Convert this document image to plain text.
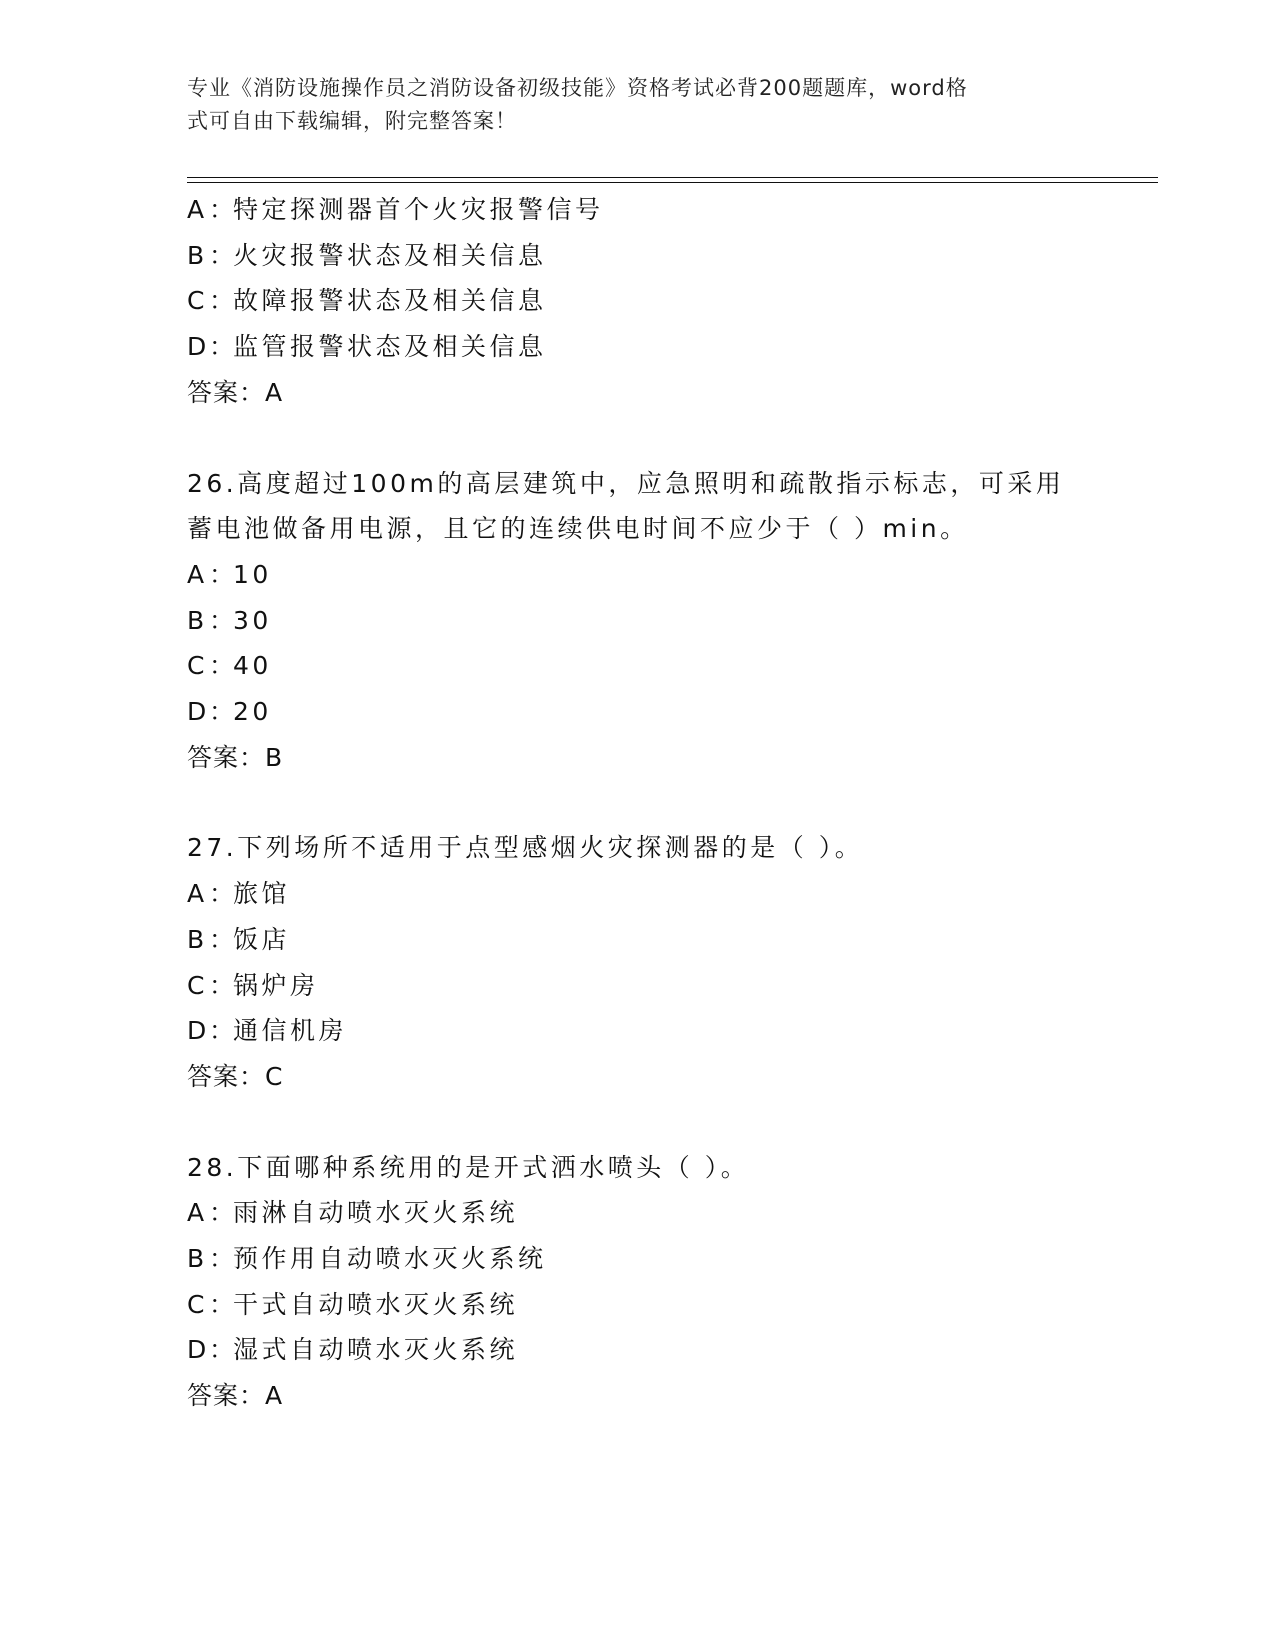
专业《消防设施操作员之消防设备初级技能》资格考试必背200题题库，word格
式可自由下载编辑，附完整答案！
A ：特定探测器首个火灾报警信号
B ：火灾报警状态及相关信息
C ：故障报警状态及相关信息
D ：监管报警状态及相关信息
答案：A
26.高度超过100m的高层建筑中，应急照明和疏散指示标志，可采用
蓄电池做备用电源，且它的连续供电时间不应少于（ ）min。
A ：10
B ：30
C ：40
D ：20
答案：B
27.下列场所不适用于点型感烟火灾探测器的是（ ）。
A ：旅馆
B ：饭店
C ：锅炉房
D ：通信机房
答案：C
28.下面哪种系统用的是开式洒水喷头（ ）。
A ：雨淋自动喷水灭火系统
B ：预作用自动喷水灭火系统
C ：干式自动喷水灭火系统
D ：湿式自动喷水灭火系统
答案：A
